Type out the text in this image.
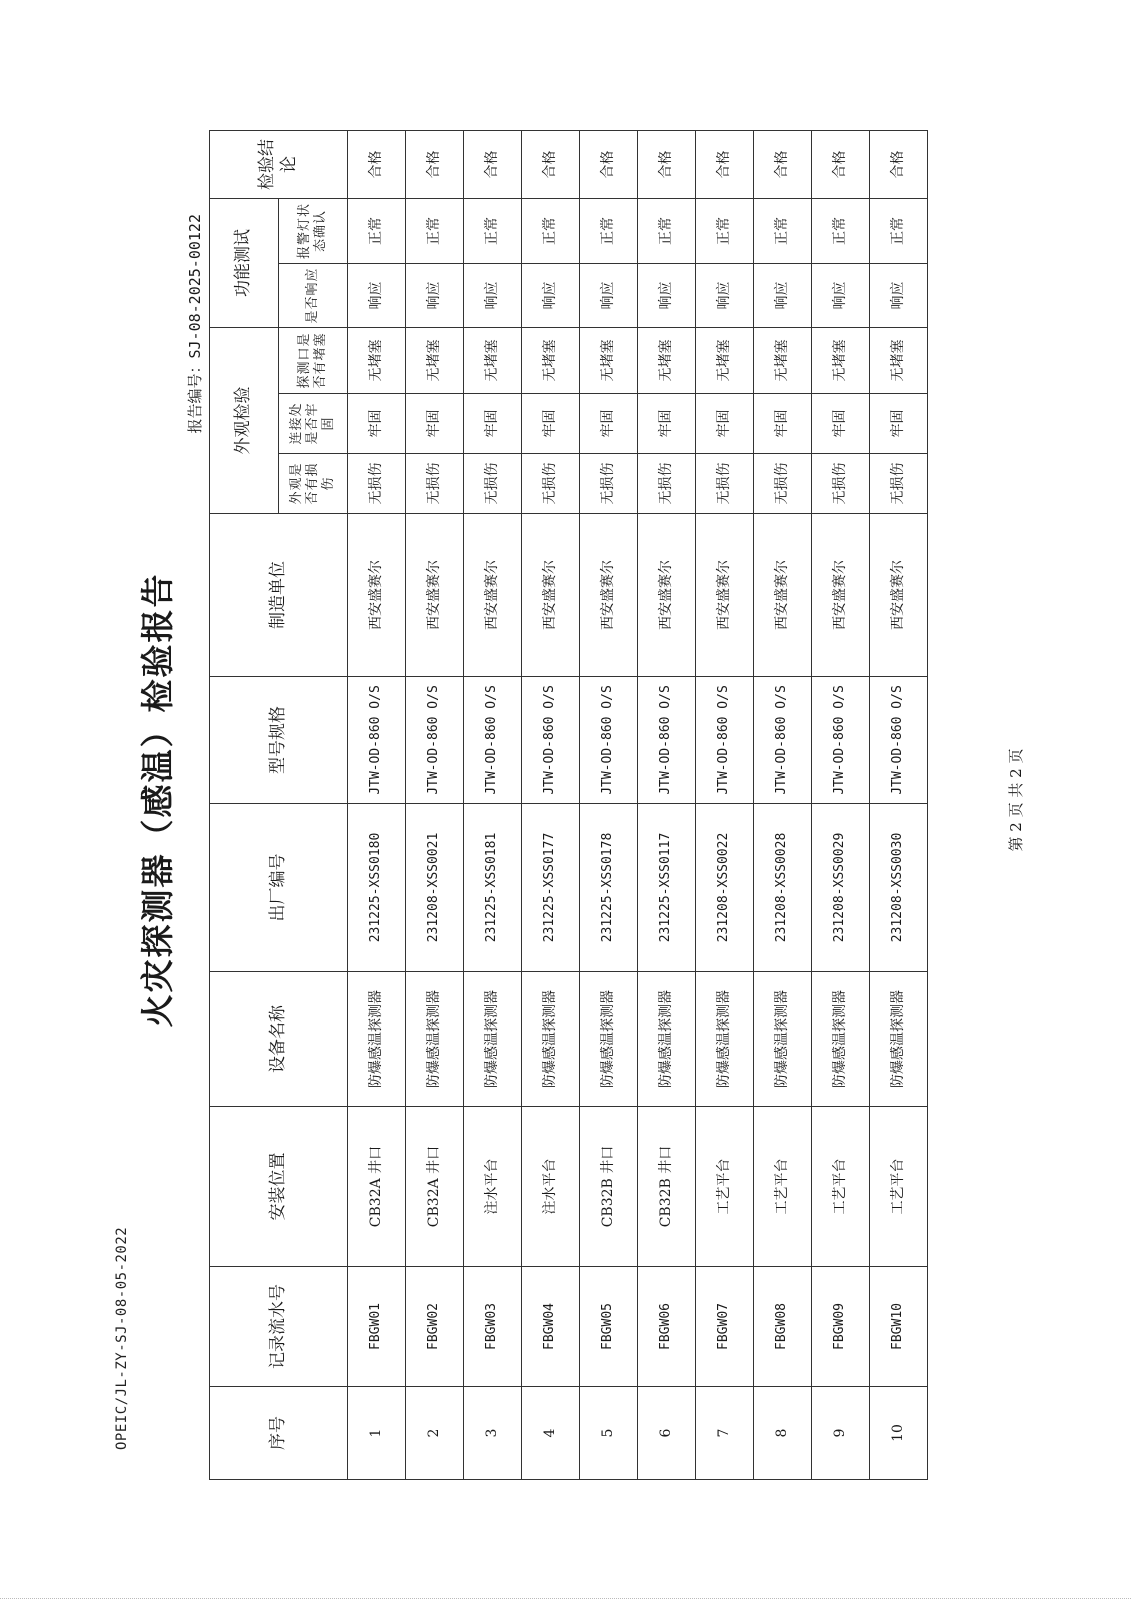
OPEIC/JL-ZY-SJ-08-05-2022
火灾探测器（感温）检验报告
报告编号：SJ-08-2025-00122
序号	记录流水号	安装位置	设备名称	出厂编号	型号规格	制造单位	外观检验			功能测试		检验结论
							外观是否有损伤	连接处是否牢固	探测口是否有堵塞	是否响应	报警灯状态确认	
1	FBGW01	CB32A 井口	防爆感温探测器	231225-XSS0180	JTW-OD-860 O/S	西安盛赛尔	无损伤	牢固	无堵塞	响应	正常	合格
2	FBGW02	CB32A 井口	防爆感温探测器	231208-XSS0021	JTW-OD-860 O/S	西安盛赛尔	无损伤	牢固	无堵塞	响应	正常	合格
3	FBGW03	注水平台	防爆感温探测器	231225-XSS0181	JTW-OD-860 O/S	西安盛赛尔	无损伤	牢固	无堵塞	响应	正常	合格
4	FBGW04	注水平台	防爆感温探测器	231225-XSS0177	JTW-OD-860 O/S	西安盛赛尔	无损伤	牢固	无堵塞	响应	正常	合格
5	FBGW05	CB32B 井口	防爆感温探测器	231225-XSS0178	JTW-OD-860 O/S	西安盛赛尔	无损伤	牢固	无堵塞	响应	正常	合格
6	FBGW06	CB32B 井口	防爆感温探测器	231225-XSS0117	JTW-OD-860 O/S	西安盛赛尔	无损伤	牢固	无堵塞	响应	正常	合格
7	FBGW07	工艺平台	防爆感温探测器	231208-XSS0022	JTW-OD-860 O/S	西安盛赛尔	无损伤	牢固	无堵塞	响应	正常	合格
8	FBGW08	工艺平台	防爆感温探测器	231208-XSS0028	JTW-OD-860 O/S	西安盛赛尔	无损伤	牢固	无堵塞	响应	正常	合格
9	FBGW09	工艺平台	防爆感温探测器	231208-XSS0029	JTW-OD-860 O/S	西安盛赛尔	无损伤	牢固	无堵塞	响应	正常	合格
10	FBGW10	工艺平台	防爆感温探测器	231208-XSS0030	JTW-OD-860 O/S	西安盛赛尔	无损伤	牢固	无堵塞	响应	正常	合格
第 2 页 共 2 页
